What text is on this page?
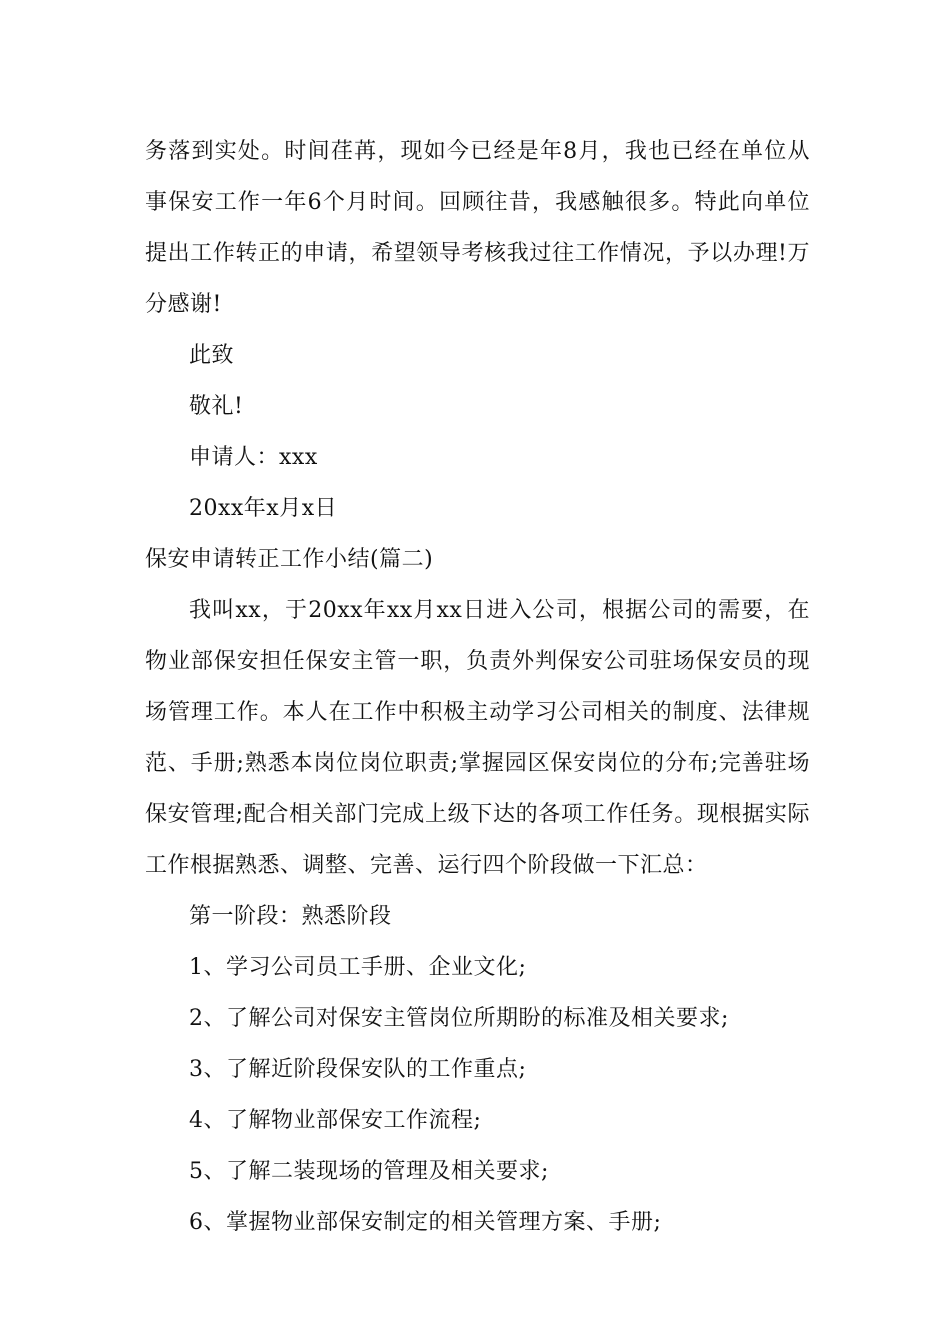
务落到实处。时间荏苒，现如今已经是年8月，我也已经在单位从事保安工作一年6个月时间。回顾往昔，我感触很多。特此向单位提出工作转正的申请，希望领导考核我过往工作情况，予以办理!万分感谢!

此致

敬礼!

申请人：xxx

20xx年x月x日

保安申请转正工作小结(篇二)

我叫xx，于20xx年xx月xx日进入公司，根据公司的需要，在物业部保安担任保安主管一职，负责外判保安公司驻场保安员的现场管理工作。本人在工作中积极主动学习公司相关的制度、法律规范、手册;熟悉本岗位岗位职责;掌握园区保安岗位的分布;完善驻场保安管理;配合相关部门完成上级下达的各项工作任务。现根据实际工作根据熟悉、调整、完善、运行四个阶段做一下汇总：

第一阶段：熟悉阶段

1、学习公司员工手册、企业文化;

2、了解公司对保安主管岗位所期盼的标准及相关要求;

3、了解近阶段保安队的工作重点;

4、了解物业部保安工作流程;

5、了解二装现场的管理及相关要求;

6、掌握物业部保安制定的相关管理方案、手册;
